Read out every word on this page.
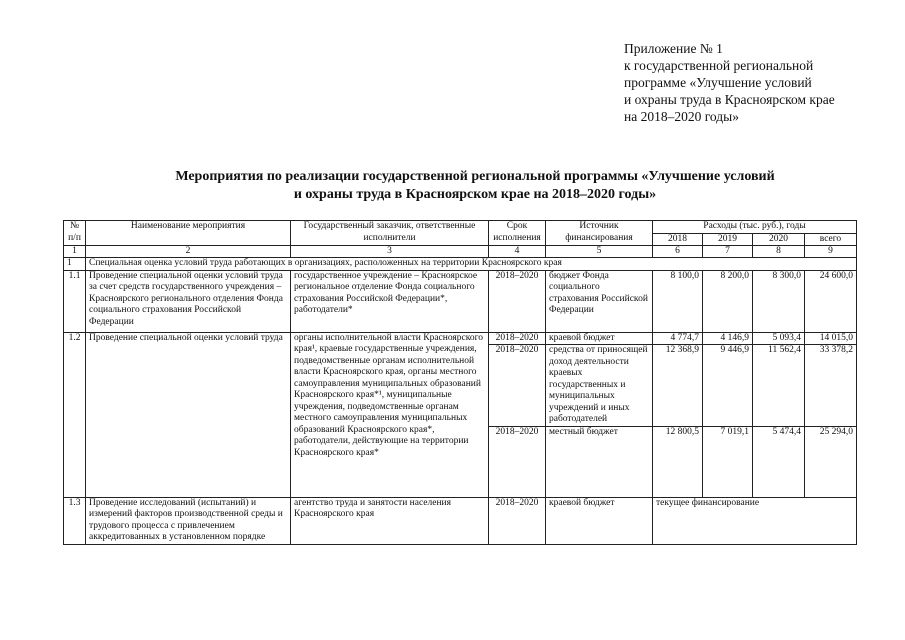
Приложение № 1
к государственной региональной
программе «Улучшение условий
и охраны труда в Красноярском крае
на 2018–2020 годы»
Мероприятия по реализации государственной региональной программы «Улучшение условий
и охраны труда в Красноярском крае на 2018–2020 годы»
№ п/п	Наименование мероприятия	Государственный заказчик, ответственные исполнители	Срок исполнения	Источник финансирования	Расходы (тыс. руб.), годы			
					2018	2019	2020	всего
1	2	3	4	5	6	7	8	9
1	Специальная оценка условий труда работающих в организациях, расположенных на территории Красноярского края							
1.1	Проведение специальной оценки условий труда за счет средств государственного учреждения – Красноярского регионального отделения Фонда социального страхования Российской Федерации	государственное учреждение – Красноярское региональное отделение Фонда социального страхования Российской Федерации*, работодатели*	2018–2020	бюджет Фонда социального страхования Российской Федерации	8 100,0	8 200,0	8 300,0	24 600,0
1.2	Проведение специальной оценки условий труда	органы исполнительной власти Красноярского края¹, краевые государственные учреждения, подведомственные органам исполнительной власти Красноярского края, органы местного самоуправления муниципальных образований Красноярского края*¹, муниципальные учреждения, подведомственные органам местного самоуправления муниципальных образований Красноярского края*, работодатели, действующие на территории Красноярского края*	2018–2020	краевой бюджет	4 774,7	4 146,9	5 093,4	14 015,0
			2018–2020	средства от приносящей доход деятельности краевых государственных и муниципальных учреждений и иных работодателей	12 368,9	9 446,9	11 562,4	33 378,2
			2018–2020	местный бюджет	12 800,5	7 019,1	5 474,4	25 294,0
1.3	Проведение исследований (испытаний) и измерений факторов производственной среды и трудового процесса с привлечением аккредитованных в установленном порядке	агентство труда и занятости населения Красноярского края	2018–2020	краевой бюджет	текущее финансирование			
